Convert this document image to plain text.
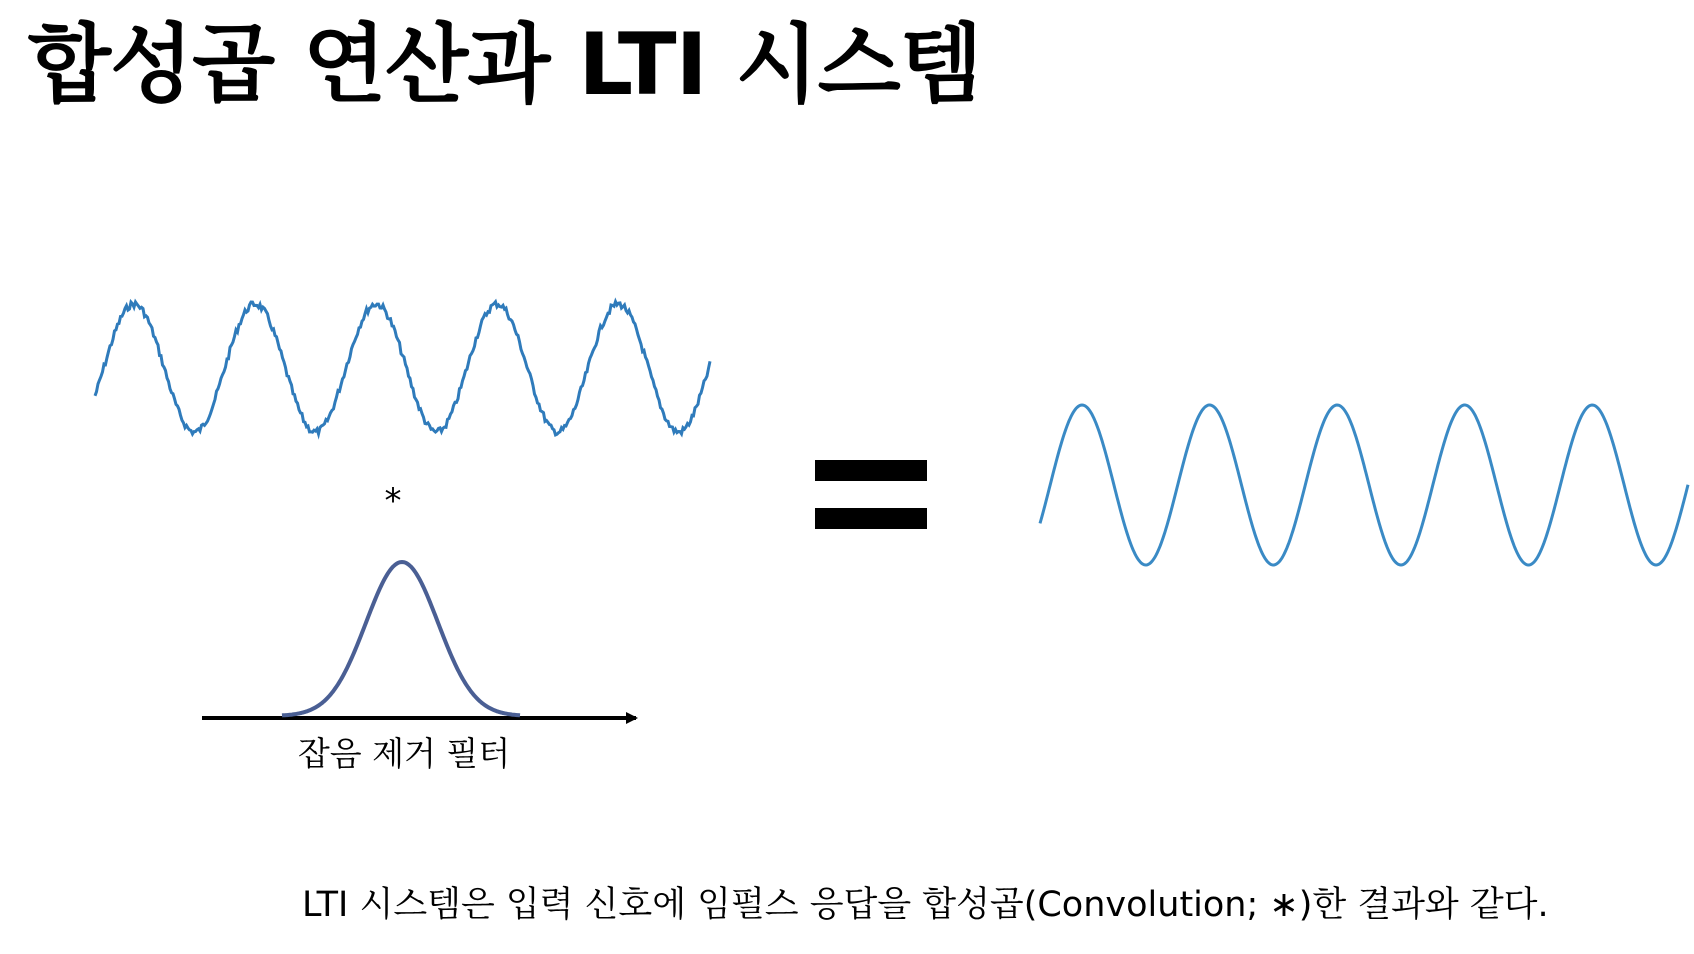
합성곱 연산과 LTI 시스템
*
잡음 제거 필터
LTI 시스템은 입력 신호에 임펄스 응답을 합성곱(Convolution; ∗)한 결과와 같다.
